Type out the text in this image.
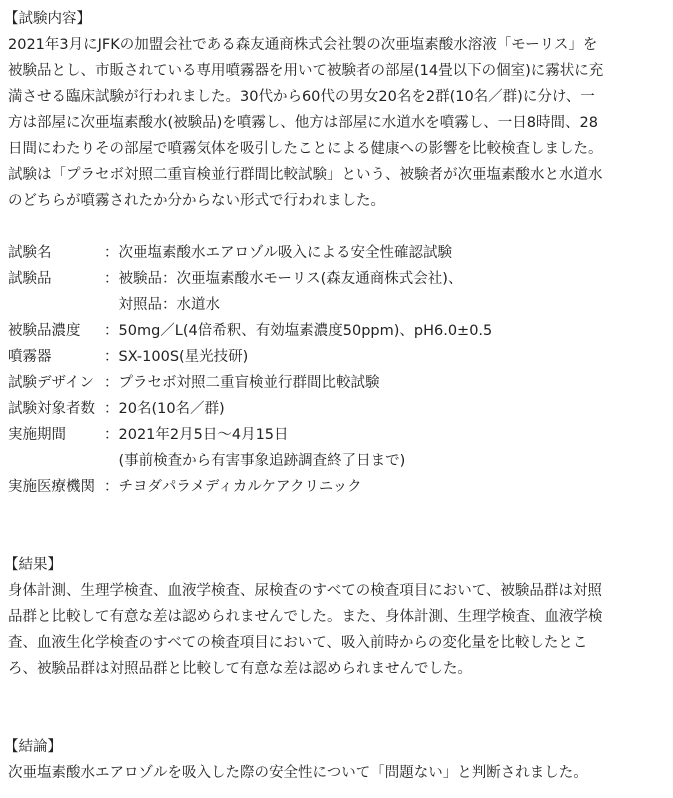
【試験内容】
2021年3月にJFKの加盟会社である森友通商株式会社製の次亜塩素酸水溶液「モーリス」を
被験品とし、市販されている専用噴霧器を用いて被験者の部屋(14畳以下の個室)に霧状に充
満させる臨床試験が行われました。30代から60代の男女20名を2群(10名／群)に分け、一
方は部屋に次亜塩素酸水(被験品)を噴霧し、他方は部屋に水道水を噴霧し、一日8時間、28
日間にわたりその部屋で噴霧気体を吸引したことによる健康への影響を比較検査しました。
試験は「プラセボ対照二重盲検並行群間比較試験」という、被験者が次亜塩素酸水と水道水
のどちらが噴霧されたか分からない形式で行われました。
試験名	：	次亜塩素酸水エアロゾル吸入による安全性確認試験

試験品	：	被験品：次亜塩素酸水モーリス(森友通商株式会社)、
対照品：水道水

被験品濃度	：	50mg／L(4倍希釈、有効塩素濃度50ppm)、pH6.0±0.5

噴霧器	：	SX-100S(星光技研)

試験デザイン	：	プラセボ対照二重盲検並行群間比較試験

試験対象者数	：	20名(10名／群)

実施期間	：	2021年2月5日〜4月15日
(事前検査から有害事象追跡調査終了日まで)

実施医療機関	：	チヨダパラメディカルケアクリニック
【結果】
身体計測、生理学検査、血液学検査、尿検査のすべての検査項目において、被験品群は対照
品群と比較して有意な差は認められませんでした。また、身体計測、生理学検査、血液学検
査、血液生化学検査のすべての検査項目において、吸入前時からの変化量を比較したとこ
ろ、被験品群は対照品群と比較して有意な差は認められませんでした。
【結論】
次亜塩素酸水エアロゾルを吸入した際の安全性について「問題ない」と判断されました。
